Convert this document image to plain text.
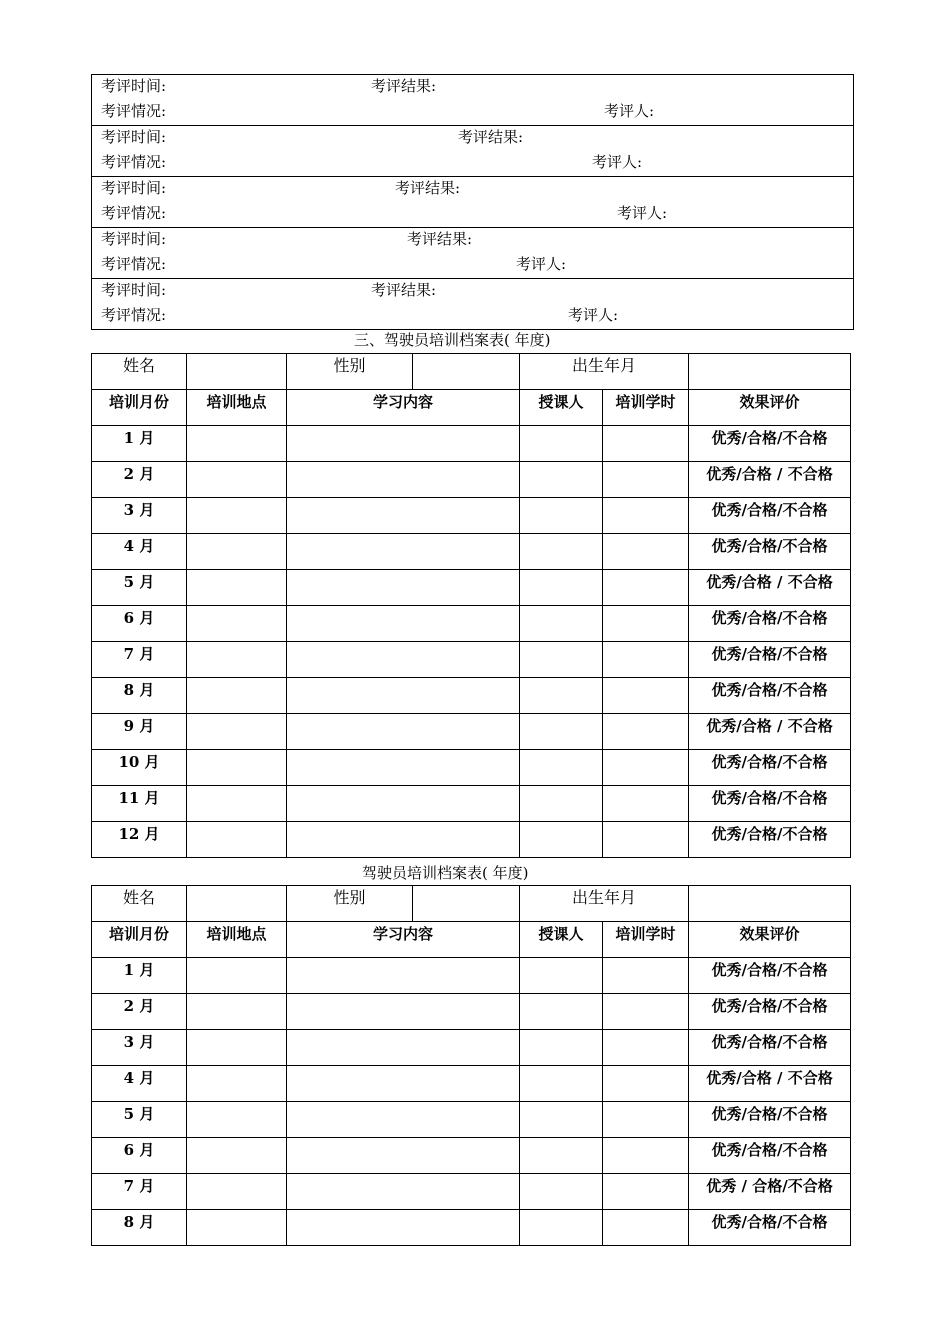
考评时间:	考评结果:
考评情况:	考评人:
考评时间:	考评结果:
考评情况:	考评人:
考评时间:	考评结果:
考评情况:	考评人:
考评时间:	考评结果:
考评情况:	考评人:
考评时间:	考评结果:
考评情况:	考评人:
三、驾驶员培训档案表( 年度)
姓名		性别		出生年月		
培训月份	培训地点	学习内容		授课人	培训学时	效果评价
1 月						优秀/合格/不合格
2 月						优秀/合格 / 不合格
3 月						优秀/合格/不合格
4 月						优秀/合格/不合格
5 月						优秀/合格 / 不合格
6 月						优秀/合格/不合格
7 月						优秀/合格/不合格
8 月						优秀/合格/不合格
9 月						优秀/合格 / 不合格
10 月						优秀/合格/不合格
11 月						优秀/合格/不合格
12 月						优秀/合格/不合格
驾驶员培训档案表( 年度)
姓名		性别		出生年月		
培训月份	培训地点	学习内容		授课人	培训学时	效果评价
1 月						优秀/合格/不合格
2 月						优秀/合格/不合格
3 月						优秀/合格/不合格
4 月						优秀/合格 / 不合格
5 月						优秀/合格/不合格
6 月						优秀/合格/不合格
7 月						优秀 / 合格/不合格
8 月						优秀/合格/不合格
